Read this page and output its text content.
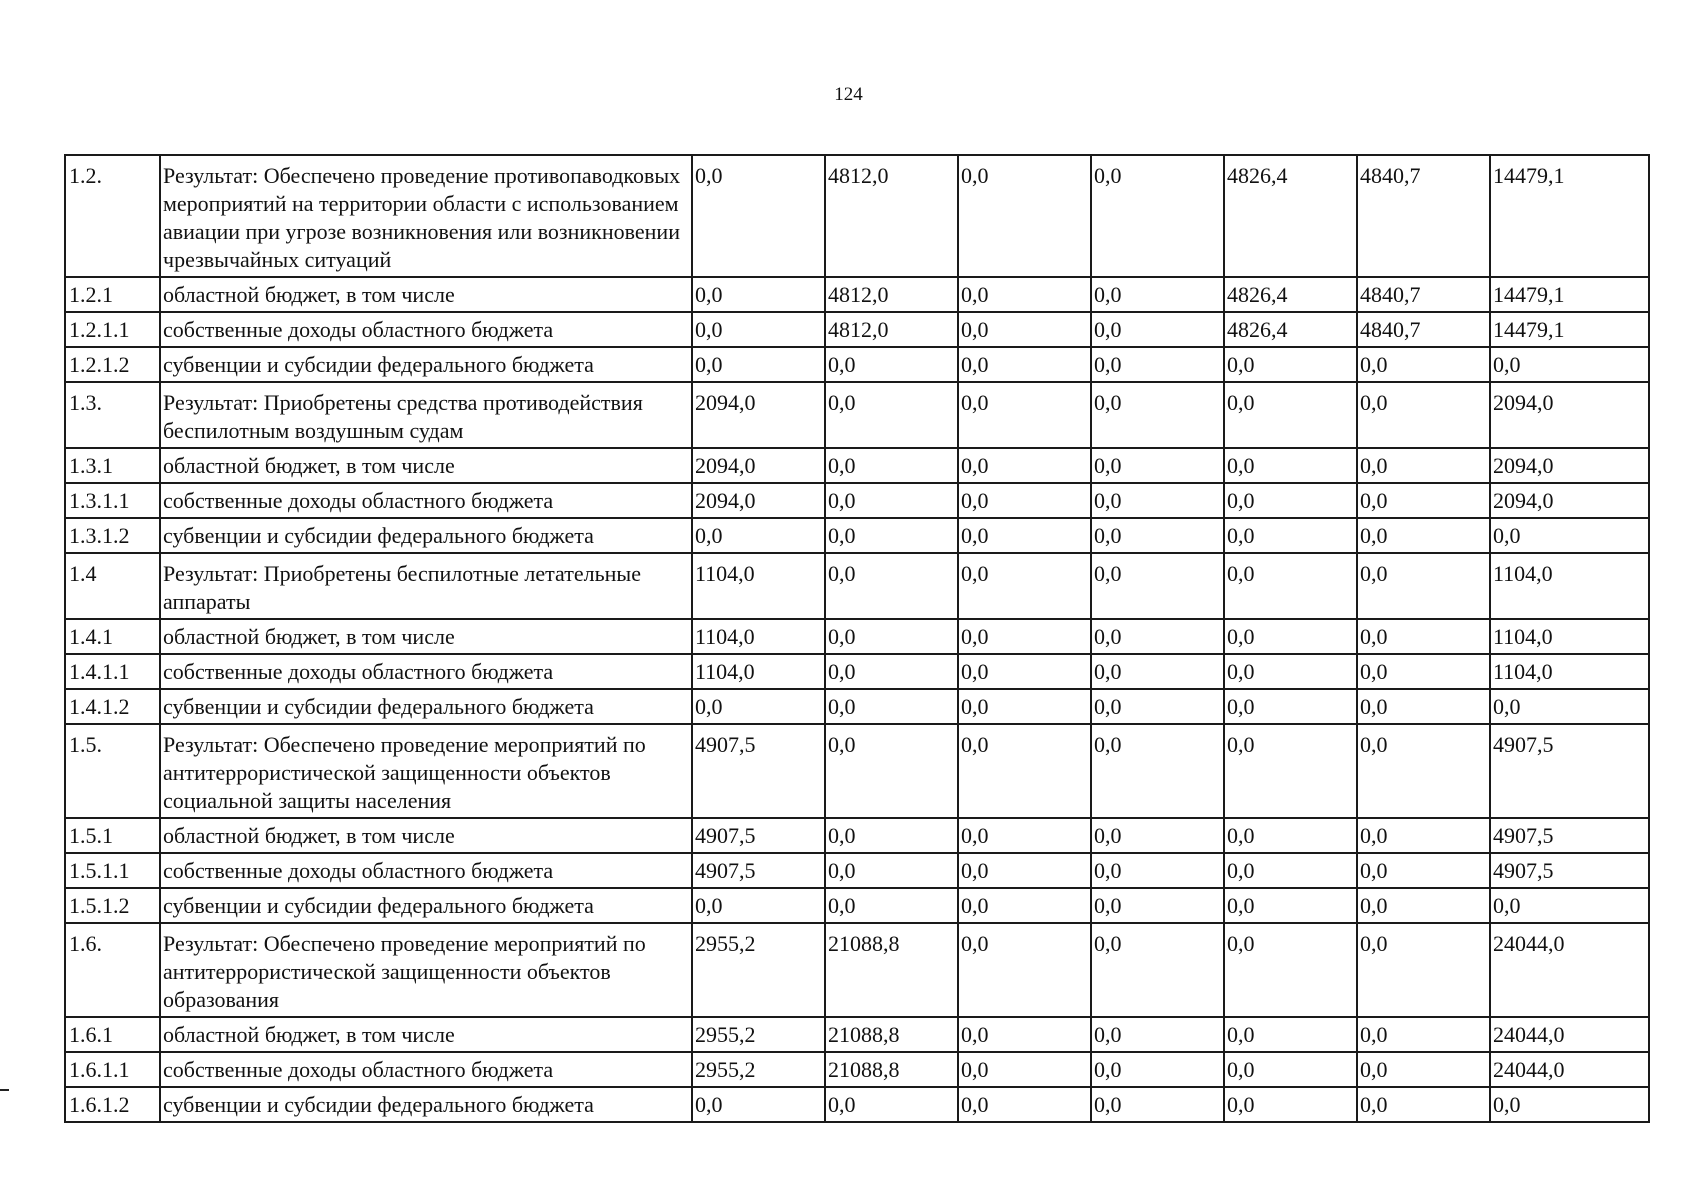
124
1.2.	Результат: Обеспечено проведение противопаводковых мероприятий на территории области с использованием авиации при угрозе возникновения или возникновении чрезвычайных ситуаций	0,0	4812,0	0,0	0,0	4826,4	4840,7	14479,1
1.2.1	областной бюджет, в том числе	0,0	4812,0	0,0	0,0	4826,4	4840,7	14479,1
1.2.1.1	собственные доходы областного бюджета	0,0	4812,0	0,0	0,0	4826,4	4840,7	14479,1
1.2.1.2	субвенции и субсидии федерального бюджета	0,0	0,0	0,0	0,0	0,0	0,0	0,0
1.3.	Результат: Приобретены средства противодействия беспилотным воздушным судам	2094,0	0,0	0,0	0,0	0,0	0,0	2094,0
1.3.1	областной бюджет, в том числе	2094,0	0,0	0,0	0,0	0,0	0,0	2094,0
1.3.1.1	собственные доходы областного бюджета	2094,0	0,0	0,0	0,0	0,0	0,0	2094,0
1.3.1.2	субвенции и субсидии федерального бюджета	0,0	0,0	0,0	0,0	0,0	0,0	0,0
1.4	Результат: Приобретены беспилотные летательные аппараты	1104,0	0,0	0,0	0,0	0,0	0,0	1104,0
1.4.1	областной бюджет, в том числе	1104,0	0,0	0,0	0,0	0,0	0,0	1104,0
1.4.1.1	собственные доходы областного бюджета	1104,0	0,0	0,0	0,0	0,0	0,0	1104,0
1.4.1.2	субвенции и субсидии федерального бюджета	0,0	0,0	0,0	0,0	0,0	0,0	0,0
1.5.	Результат: Обеспечено проведение мероприятий по антитеррористической защищенности объектов социальной защиты населения	4907,5	0,0	0,0	0,0	0,0	0,0	4907,5
1.5.1	областной бюджет, в том числе	4907,5	0,0	0,0	0,0	0,0	0,0	4907,5
1.5.1.1	собственные доходы областного бюджета	4907,5	0,0	0,0	0,0	0,0	0,0	4907,5
1.5.1.2	субвенции и субсидии федерального бюджета	0,0	0,0	0,0	0,0	0,0	0,0	0,0
1.6.	Результат: Обеспечено проведение мероприятий по антитеррористической защищенности объектов образования	2955,2	21088,8	0,0	0,0	0,0	0,0	24044,0
1.6.1	областной бюджет, в том числе	2955,2	21088,8	0,0	0,0	0,0	0,0	24044,0
1.6.1.1	собственные доходы областного бюджета	2955,2	21088,8	0,0	0,0	0,0	0,0	24044,0
1.6.1.2	субвенции и субсидии федерального бюджета	0,0	0,0	0,0	0,0	0,0	0,0	0,0
